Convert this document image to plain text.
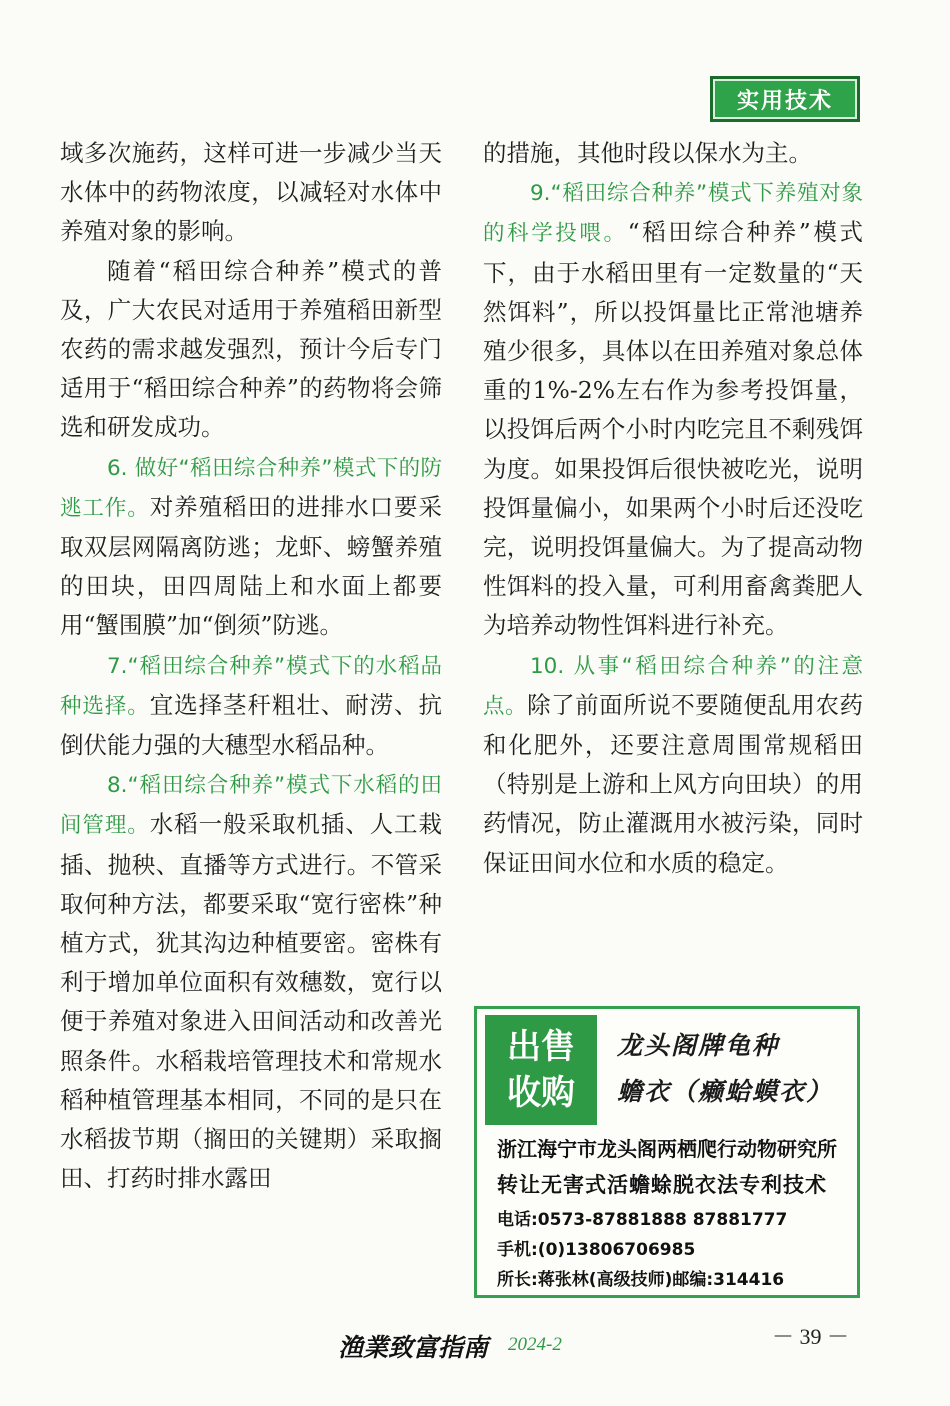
实用技术

域多次施药，这样可进一步减少当天水体中的药物浓度，以减轻对水体中养殖对象的影响。

随着“稻田综合种养”模式的普及，广大农民对适用于养殖稻田新型农药的需求越发强烈，预计今后专门适用于“稻田综合种养”的药物将会筛选和研发成功。

6. 做好“稻田综合种养”模式下的防逃工作。对养殖稻田的进排水口要采取双层网隔离防逃；龙虾、螃蟹养殖的田块，田四周陆上和水面上都要用“蟹围膜”加“倒须”防逃。

7.“稻田综合种养”模式下的水稻品种选择。宜选择茎秆粗壮、耐涝、抗倒伏能力强的大穗型水稻品种。

8.“稻田综合种养”模式下水稻的田间管理。水稻一般采取机插、人工栽插、抛秧、直播等方式进行。不管采取何种方法，都要采取“宽行密株”种植方式，犹其沟边种植要密。密株有利于增加单位面积有效穗数，宽行以便于养殖对象进入田间活动和改善光照条件。水稻栽培管理技术和常规水稻种植管理基本相同，不同的是只在水稻拔节期（搁田的关键期）采取搁田、打药时排水露田

的措施，其他时段以保水为主。

9.“稻田综合种养”模式下养殖对象的科学投喂。“稻田综合种养”模式下，由于水稻田里有一定数量的“天然饵料”，所以投饵量比正常池塘养殖少很多，具体以在田养殖对象总体重的1%-2%左右作为参考投饵量，以投饵后两个小时内吃完且不剩残饵为度。如果投饵后很快被吃光，说明投饵量偏小，如果两个小时后还没吃完，说明投饵量偏大。为了提高动物性饵料的投入量，可利用畜禽粪肥人为培养动物性饵料进行补充。

10. 从事“稻田综合种养”的注意点。除了前面所说不要随便乱用农药和化肥外，还要注意周围常规稻田（特别是上游和上风方向田块）的用药情况，防止灌溉用水被污染，同时保证田间水位和水质的稳定。

出售
收购
龙头阁牌龟种
蟾衣（癞蛤蟆衣）
浙江海宁市龙头阁两栖爬行动物研究所
转让无害式活蟾蜍脱衣法专利技术
电话:0573-87881888 87881777
手机:(0)13806706985
所长:蒋张林(高级技师)邮编:314416
渔業致富指南 2024-2	－ 39 －
